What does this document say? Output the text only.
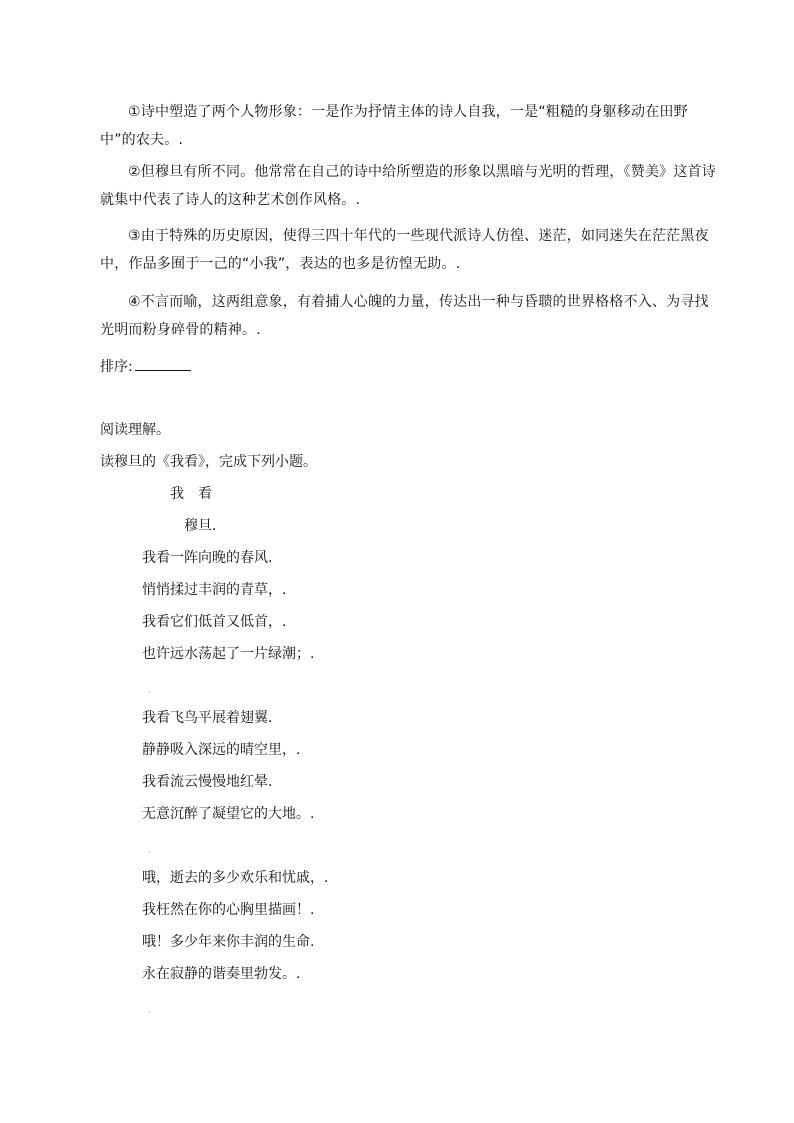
①诗中塑造了两个人物形象：一是作为抒情主体的诗人自我，一是“粗糙的身躯移动在田野中”的农夫。.

②但穆旦有所不同。他常常在自己的诗中给所塑造的形象以黑暗与光明的哲理，《赞美》这首诗就集中代表了诗人的这种艺术创作风格。.

③由于特殊的历史原因，使得三四十年代的一些现代派诗人仿徨、迷茫，如同迷失在茫茫黑夜中，作品多囿于一己的“小我”，表达的也多是彷惶无助。.

④不言而喻，这两组意象，有着捕人心魄的力量，传达出一种与昏聩的世界格格不入、为寻找光明而粉身碎骨的精神。.

排序:

阅读理解。

读穆旦的《我看》，完成下列小题。

我　看

穆旦.

我看一阵向晚的春风.
悄悄揉过丰润的青草，.
我看它们低首又低首，.
也许远水荡起了一片绿潮；.
.
我看飞鸟平展着翅翼.
静静吸入深远的晴空里，.
我看流云慢慢地红晕.
无意沉醉了凝望它的大地。.
.
哦，逝去的多少欢乐和忧戚，.
我枉然在你的心胸里描画！.
哦！多少年来你丰润的生命.
永在寂静的谐奏里勃发。.
.
